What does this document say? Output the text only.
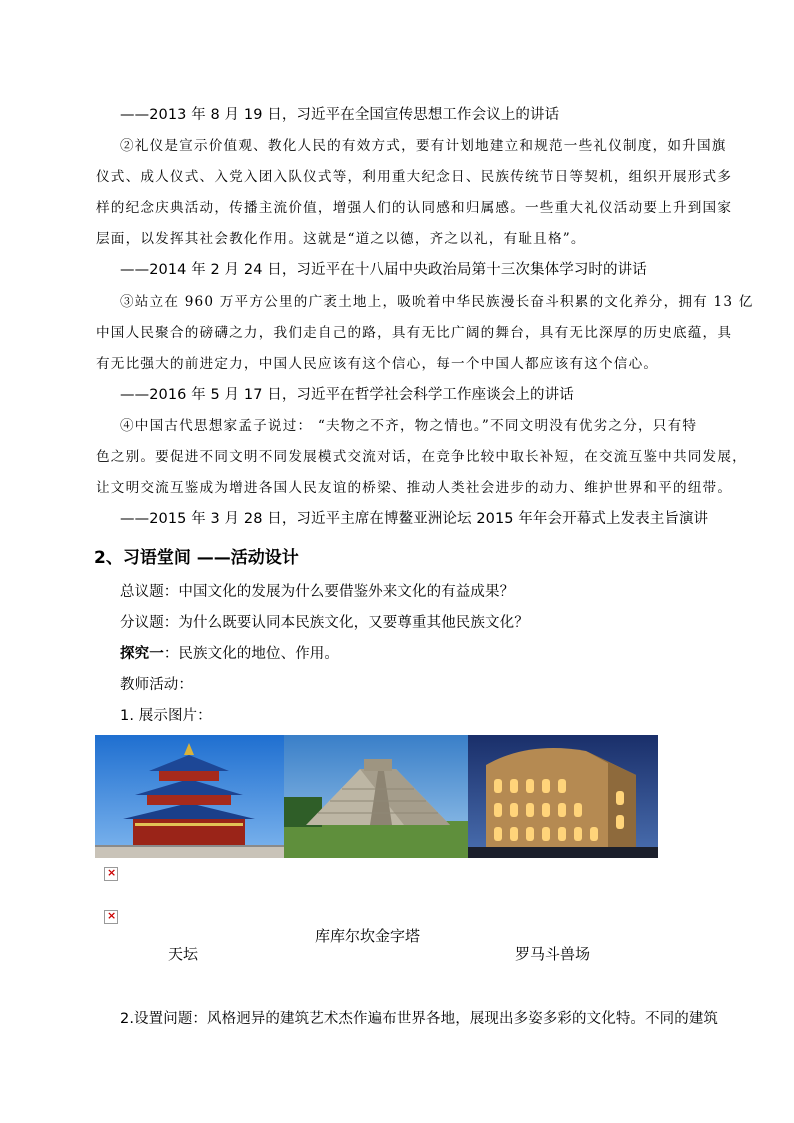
——2013 年 8 月 19 日，习近平在全国宣传思想工作会议上的讲话
②礼仪是宣示价值观、教化人民的有效方式，要有计划地建立和规范一些礼仪制度，如升国旗
仪式、成人仪式、入党入团入队仪式等，利用重大纪念日、民族传统节日等契机，组织开展形式多
样的纪念庆典活动，传播主流价值，增强人们的认同感和归属感。一些重大礼仪活动要上升到国家
层面，以发挥其社会教化作用。这就是“道之以德，齐之以礼，有耻且格”。
——2014 年 2 月 24 日，习近平在十八届中央政治局第十三次集体学习时的讲话
③站立在 960 万平方公里的广袤土地上，吸吮着中华民族漫长奋斗积累的文化养分，拥有 13 亿
中国人民聚合的磅礴之力，我们走自己的路，具有无比广阔的舞台，具有无比深厚的历史底蕴，具
有无比强大的前进定力，中国人民应该有这个信心，每一个中国人都应该有这个信心。
——2016 年 5 月 17 日，习近平在哲学社会科学工作座谈会上的讲话
④中国古代思想家孟子说过： “夫物之不齐，物之情也。”不同文明没有优劣之分，只有特
色之别。要促进不同文明不同发展模式交流对话，在竞争比较中取长补短，在交流互鉴中共同发展，
让文明交流互鉴成为增进各国人民友谊的桥梁、推动人类社会进步的动力、维护世界和平的纽带。
——2015 年 3 月 28 日，习近平主席在博鳌亚洲论坛 2015 年年会开幕式上发表主旨演讲
2、习语堂间 ——活动设计
总议题：中国文化的发展为什么要借鉴外来文化的有益成果？
分议题：为什么既要认同本民族文化，又要尊重其他民族文化？
探究一：民族文化的地位、作用。
教师活动：
1. 展示图片：
×
×
库库尔坎金字塔
天坛	罗马斗兽场
2.设置问题：风格迥异的建筑艺术杰作遍布世界各地，展现出多姿多彩的文化特。不同的建筑
